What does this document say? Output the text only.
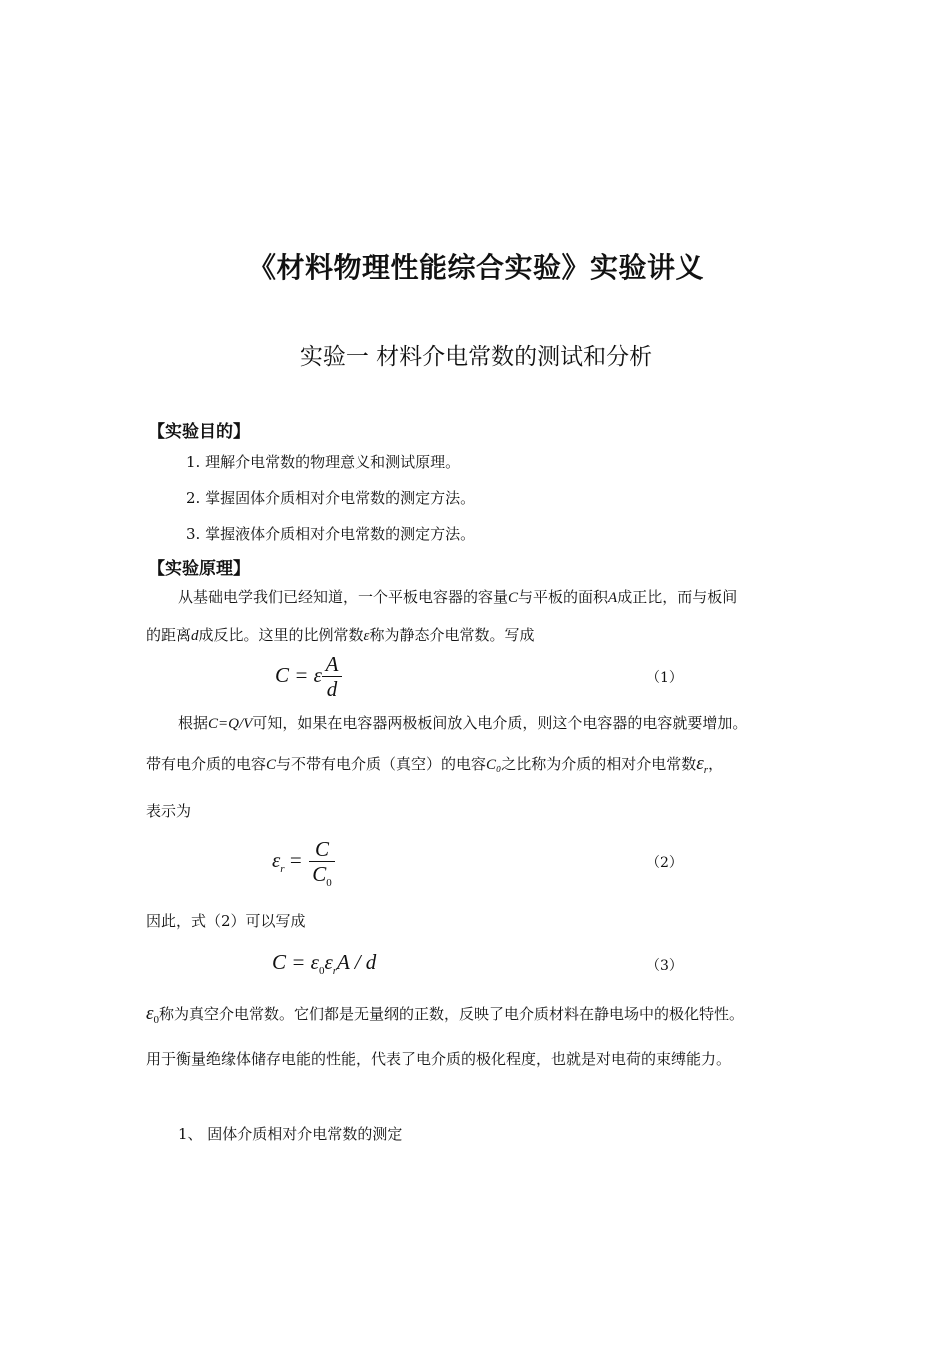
《材料物理性能综合实验》实验讲义
实验一 材料介电常数的测试和分析
【实验目的】
1. 理解介电常数的物理意义和测试原理。
2. 掌握固体介质相对介电常数的测定方法。
3. 掌握液体介质相对介电常数的测定方法。
【实验原理】
从基础电学我们已经知道，一个平板电容器的容量C与平板的面积A成正比，而与板间
的距离d成反比。这里的比例常数ε称为静态介电常数。写成
C = ε A
d	（1）
根据C=Q/V可知，如果在电容器两极板间放入电介质，则这个电容器的电容就要增加。
带有电介质的电容C与不带有电介质（真空）的电容C₀之比称为介质的相对介电常数$\varepsilon_r$，
表示为
$\varepsilon_r = C$
$C_0$
（2）
因此，式（2）可以写成
$C = \varepsilon_0\varepsilon_rA / d$	（3）
$\varepsilon_0$称为真空介电常数。它们都是无量纲的正数，反映了电介质材料在静电场中的极化特性。
用于衡量绝缘体储存电能的性能，代表了电介质的极化程度，也就是对电荷的束缚能力。
1、 固体介质相对介电常数的测定
